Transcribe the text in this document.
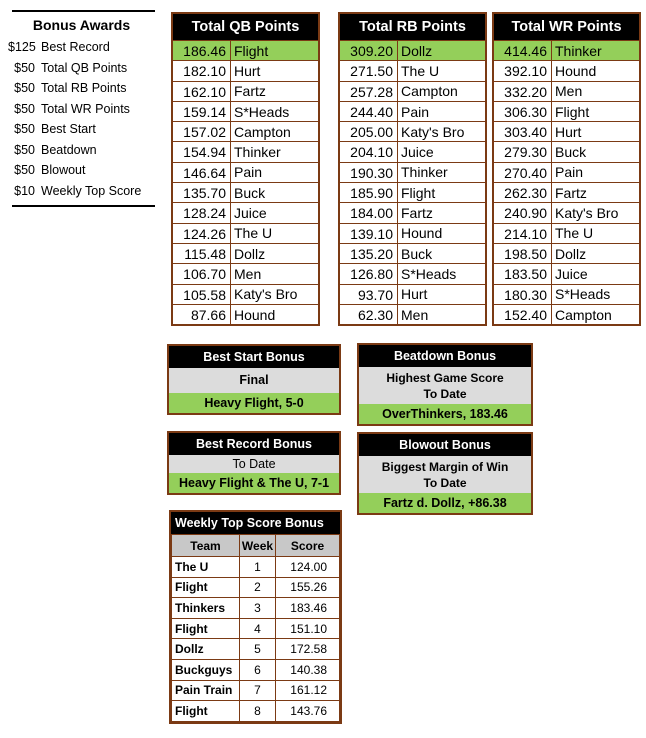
Bonus Awards
$125 Best Record
$50 Total QB Points
$50 Total RB Points
$50 Total WR Points
$50 Best Start
$50 Beatdown
$50 Blowout
$10 Weekly Top Score
Total QB Points
186.46 Flight
182.10 Hurt
162.10 Fartz
159.14 S*Heads
157.02 Campton
154.94 Thinker
146.64 Pain
135.70 Buck
128.24 Juice
124.26 The U
115.48 Dollz
106.70 Men
105.58 Katy's Bro
87.66 Hound
Total RB Points
309.20 Dollz
271.50 The U
257.28 Campton
244.40 Pain
205.00 Katy's Bro
204.10 Juice
190.30 Thinker
185.90 Flight
184.00 Fartz
139.10 Hound
135.20 Buck
126.80 S*Heads
93.70 Hurt
62.30 Men
Total WR Points
414.46 Thinker
392.10 Hound
332.20 Men
306.30 Flight
303.40 Hurt
279.30 Buck
270.40 Pain
262.30 Fartz
240.90 Katy's Bro
214.10 The U
198.50 Dollz
183.50 Juice
180.30 S*Heads
152.40 Campton
Best Start Bonus
Final
Heavy Flight, 5-0
Beatdown Bonus
Highest Game Score
To Date
OverThinkers, 183.46
Best Record Bonus
To Date
Heavy Flight & The U, 7-1
Blowout Bonus
Biggest Margin of Win
To Date
Fartz d. Dollz, +86.38
Weekly Top Score Bonus
Team	Week	Score
The U	1	124.00
Flight	2	155.26
Thinkers	3	183.46
Flight	4	151.10
Dollz	5	172.58
Buckguys	6	140.38
Pain Train	7	161.12
Flight	8	143.76
